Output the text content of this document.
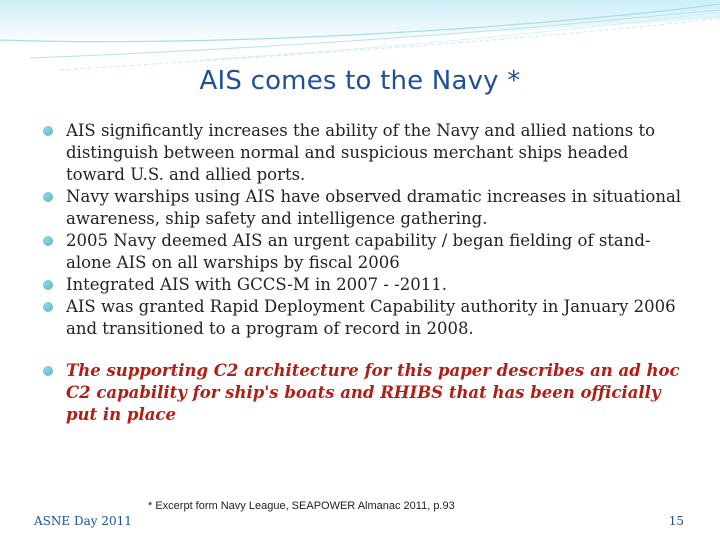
AIS comes to the Navy *
AIS significantly increases the ability of the Navy and allied nations to distinguish between normal and suspicious merchant ships headed toward U.S. and allied ports.
Navy warships using AIS have observed dramatic increases in situational awareness, ship safety and intelligence gathering.
2005 Navy deemed AIS an urgent capability / began fielding of stand-alone AIS on all warships by fiscal 2006
Integrated AIS with GCCS-M in 2007 - -2011.
AIS was granted Rapid Deployment Capability authority in January 2006 and transitioned to a program of record in 2008.
The supporting C2 architecture for this paper describes an ad hoc C2 capability for ship's boats and RHIBS that has been officially put in place
* Excerpt form Navy League, SEAPOWER Almanac 2011, p.93
ASNE Day 2011	15
